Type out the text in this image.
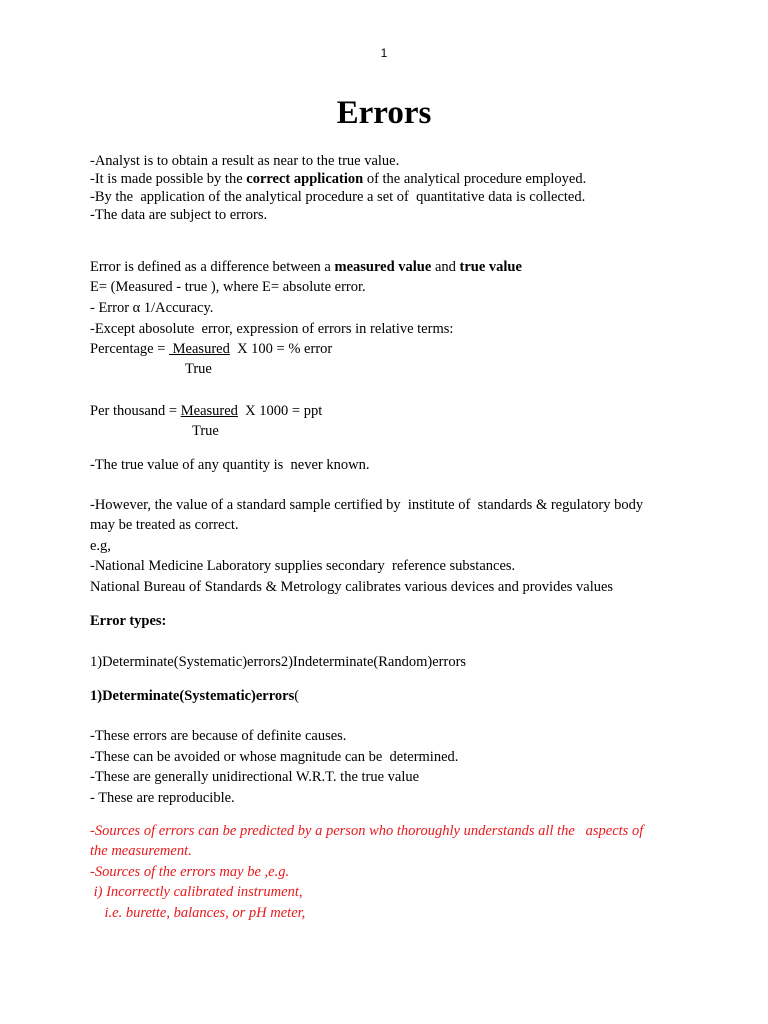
1
Errors
-Analyst is to obtain a result as near to the true value.
-It is made possible by the correct application of the analytical procedure employed.
-By the  application of the analytical procedure a set of  quantitative data is collected.
-The data are subject to errors.
Error is defined as a difference between a measured value and true value
E= (Measured - true ), where E= absolute error.
- Error α 1/Accuracy.
-Except abosolute  error, expression of errors in relative terms:
Percentage =  Measured  X 100 = % error
True
Per thousand = Measured  X 1000 = ppt
True
-The true value of any quantity is  never known.
-However, the value of a standard sample certified by  institute of  standards & regulatory body
may be treated as correct.
e.g,
-National Medicine Laboratory supplies secondary  reference substances.
National Bureau of Standards & Metrology calibrates various devices and provides values
Error types:
1)Determinate(Systematic)errors2)Indeterminate(Random)errors
1)Determinate(Systematic)errors(
-These errors are because of definite causes.
-These can be avoided or whose magnitude can be  determined.
-These are generally unidirectional W.R.T. the true value
- These are reproducible.
-Sources of errors can be predicted by a person who thoroughly understands all the   aspects of
the measurement.
-Sources of the errors may be ,e.g.
i) Incorrectly calibrated instrument,
i.e. burette, balances, or pH meter,
